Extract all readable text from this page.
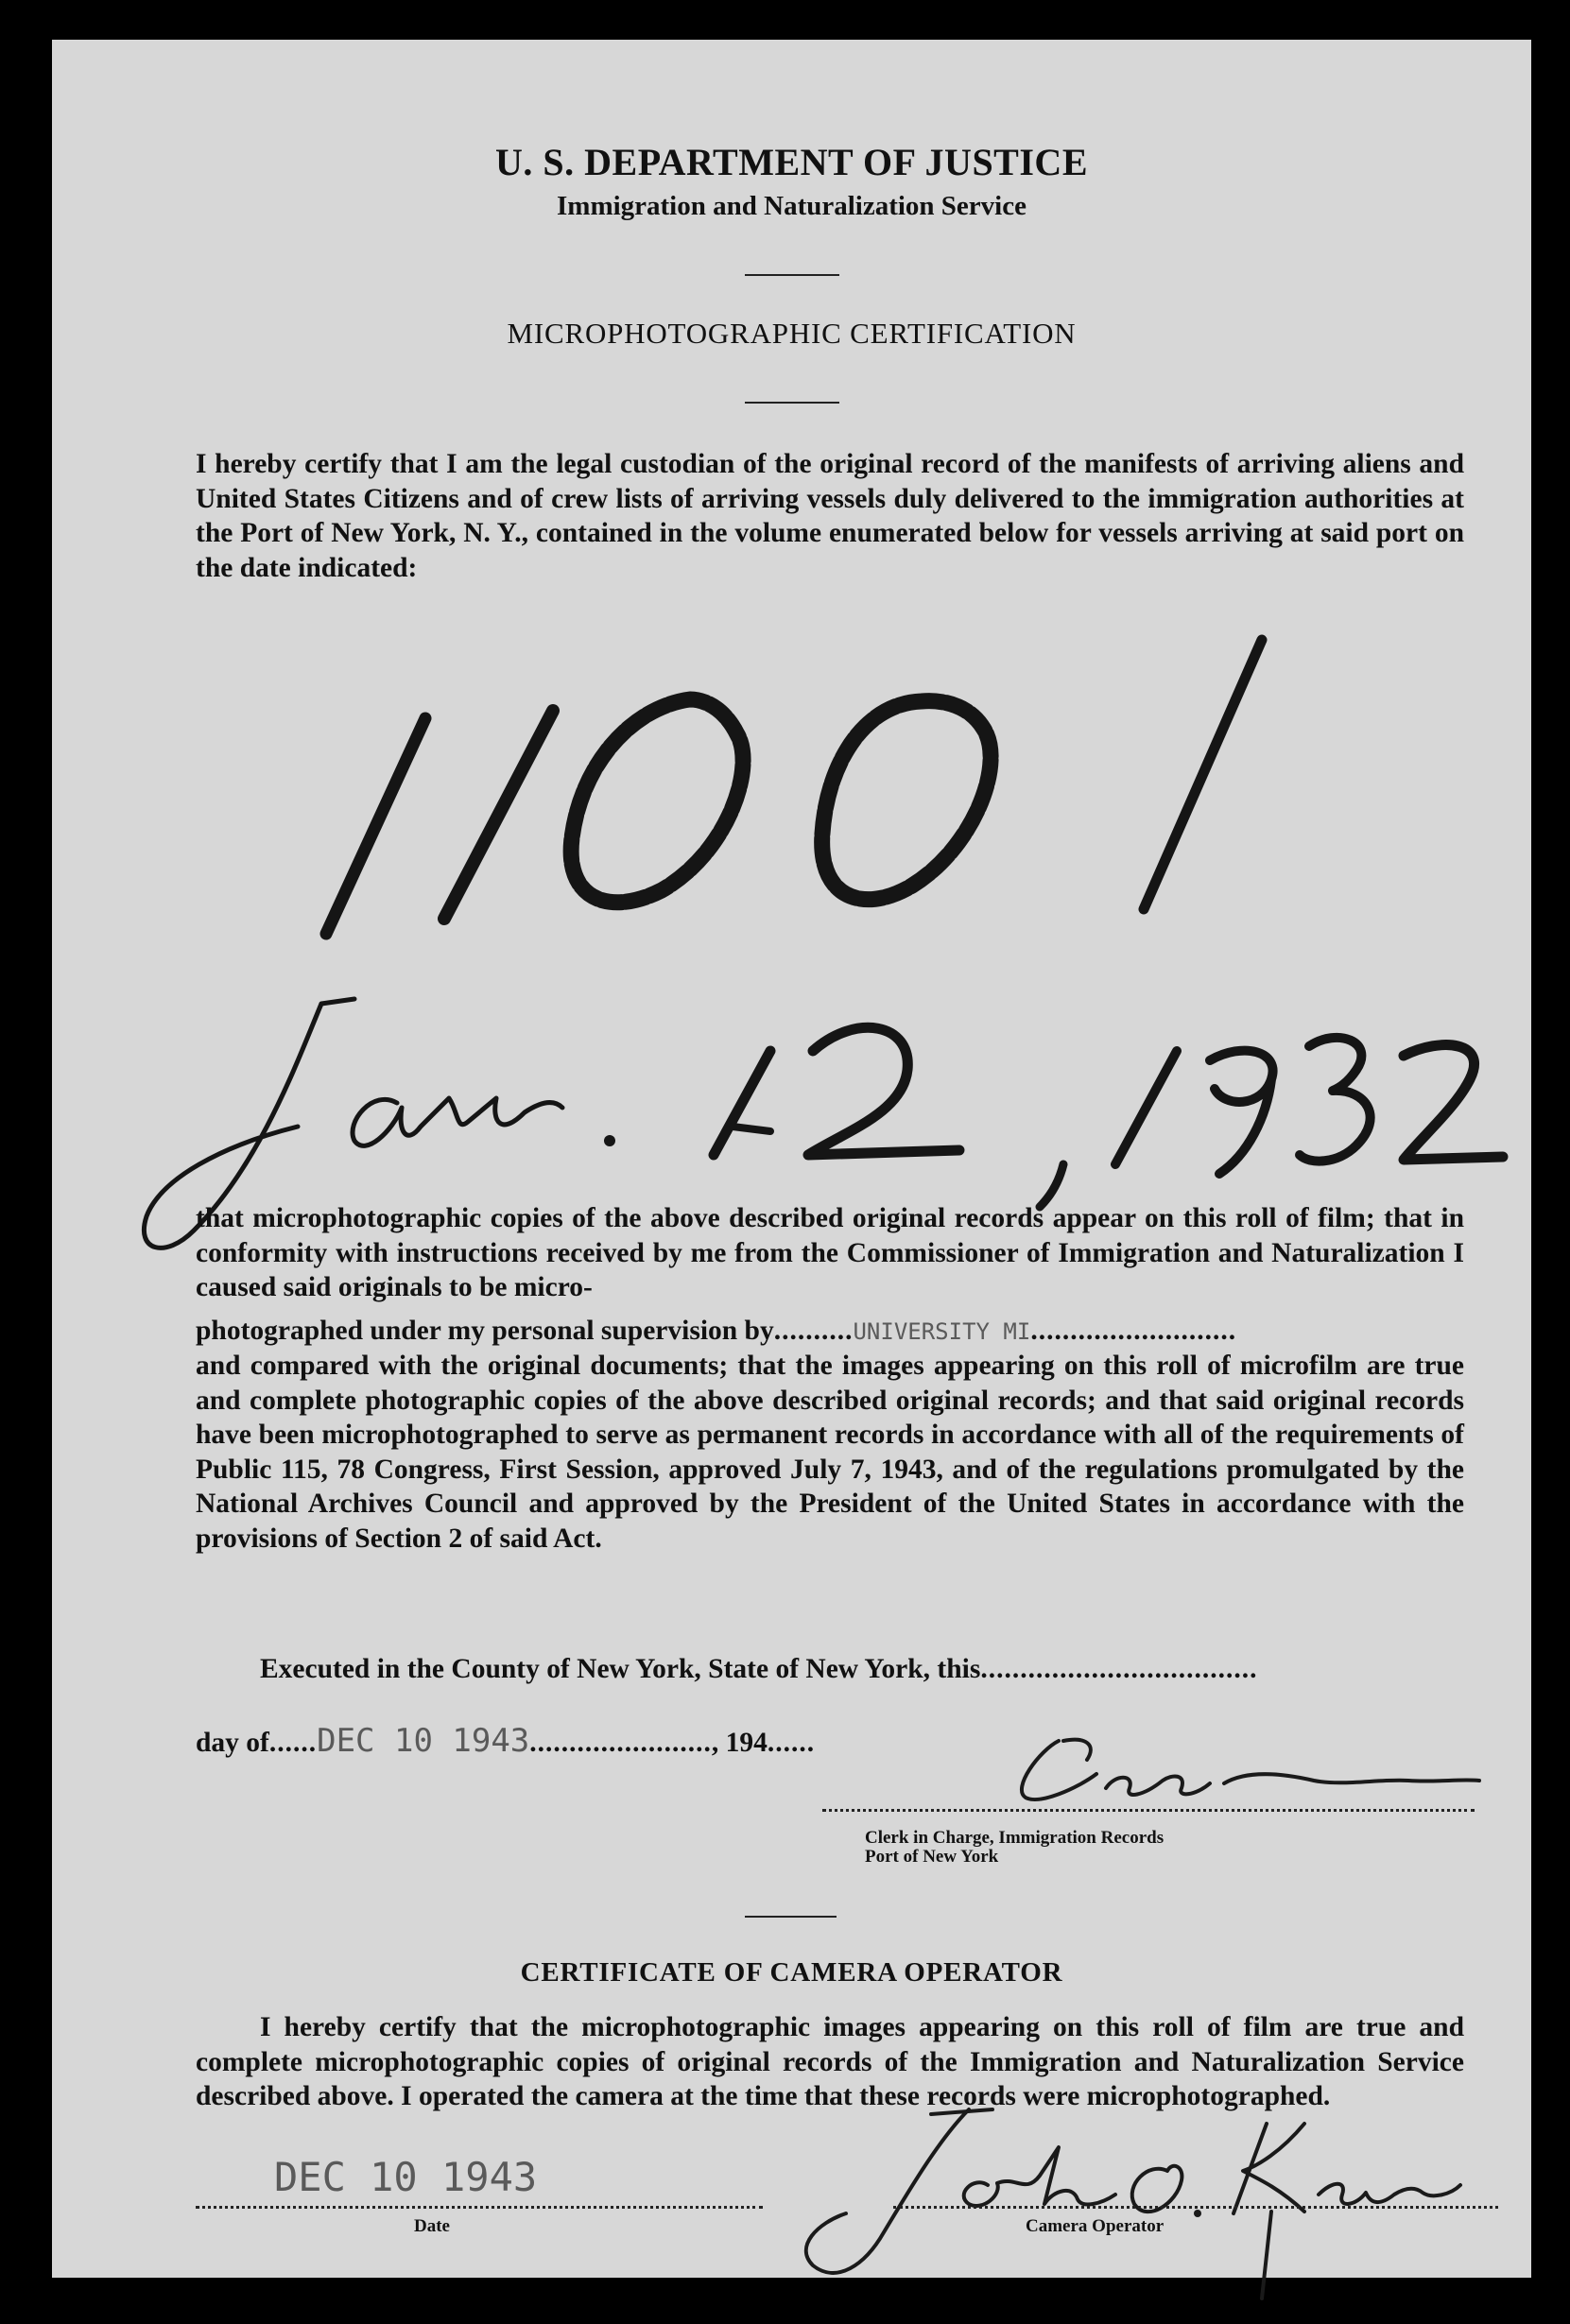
U. S. DEPARTMENT OF JUSTICE
Immigration and Naturalization Service
MICROPHOTOGRAPHIC CERTIFICATION
I hereby certify that I am the legal custodian of the original record of the manifests of arriving aliens and United States Citizens and of crew lists of arriving vessels duly delivered to the immigration authorities at the Port of New York, N. Y., contained in the volume enumerated below for vessels arriving at said port on the date indicated:
that microphotographic copies of the above described original records appear on this roll of film; that in conformity with instructions received by me from the Commissioner of Immigration and Naturalization I caused said originals to be micro-
photographed under my personal supervision by..........UNIVERSITY MI..........................
and compared with the original documents; that the images appearing on this roll of microfilm are true and complete photographic copies of the above described original records; and that said original records have been microphotographed to serve as permanent records in accordance with all of the requirements of Public 115, 78 Congress, First Session, approved July 7, 1943, and of the regulations promulgated by the National Archives Council and approved by the President of the United States in accordance with the provisions of Section 2 of said Act.
Executed in the County of New York, State of New York, this...................................
day of......DEC 10 1943......................., 194......
Clerk in Charge, Immigration Records
Port of New York
CERTIFICATE OF CAMERA OPERATOR
I hereby certify that the microphotographic images appearing on this roll of film are true and complete microphotographic copies of original records of the Immigration and Naturalization Service described above. I operated the camera at the time that these records were microphotographed.
DEC 10 1943
Date	Camera Operator
